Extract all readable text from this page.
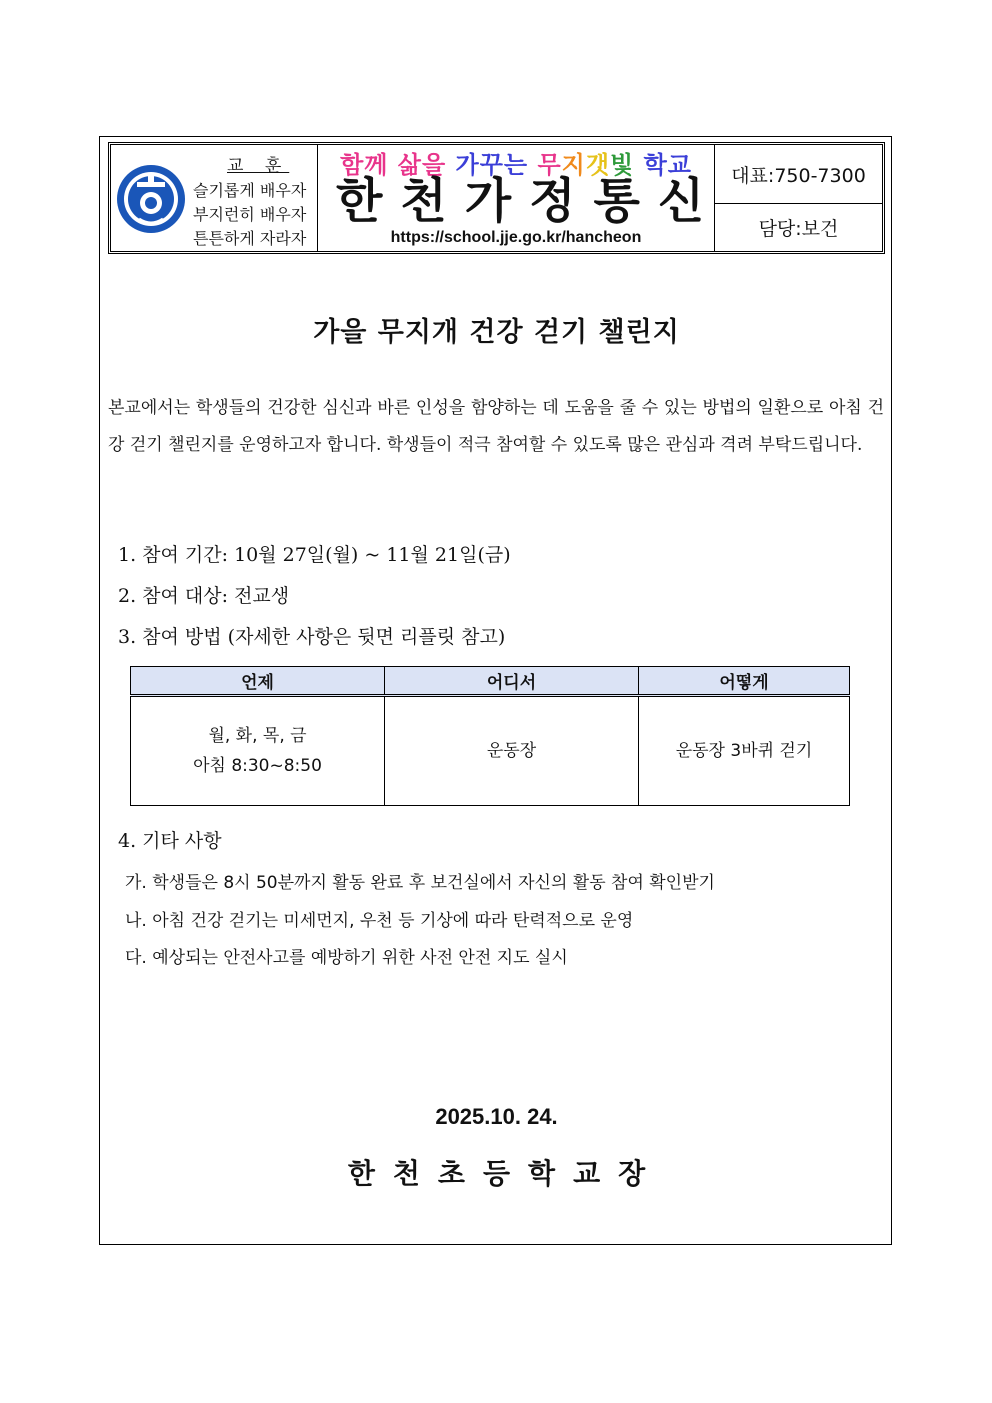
교 훈
슬기롭게 배우자
부지런히 배우자
튼튼하게 자라자
함께 삶을 가꾸는 무지갯빛 학교
한천가정통신
https://school.jje.go.kr/hancheon
대표:750-7300
담당:보건
가을 무지개 건강 걷기 챌린지
본교에서는 학생들의 건강한 심신과 바른 인성을 함양하는 데 도움을 줄 수 있는 방법의 일환으로 아침 건강 걷기 챌린지를 운영하고자 합니다. 학생들이 적극 참여할 수 있도록 많은 관심과 격려 부탁드립니다.
1. 참여 기간: 10월 27일(월) ~ 11월 21일(금)
2. 참여 대상: 전교생
3. 참여 방법 (자세한 사항은 뒷면 리플릿 참고)
언제	어디서	어떻게

월, 화, 목, 금
아침 8:30~8:50	운동장	운동장 3바퀴 걷기
4. 기타 사항
가. 학생들은 8시 50분까지 활동 완료 후 보건실에서 자신의 활동 참여 확인받기
나. 아침 건강 걷기는 미세먼지, 우천 등 기상에 따라 탄력적으로 운영
다. 예상되는 안전사고를 예방하기 위한 사전 안전 지도 실시
2025.10. 24.
한천초등학교장
